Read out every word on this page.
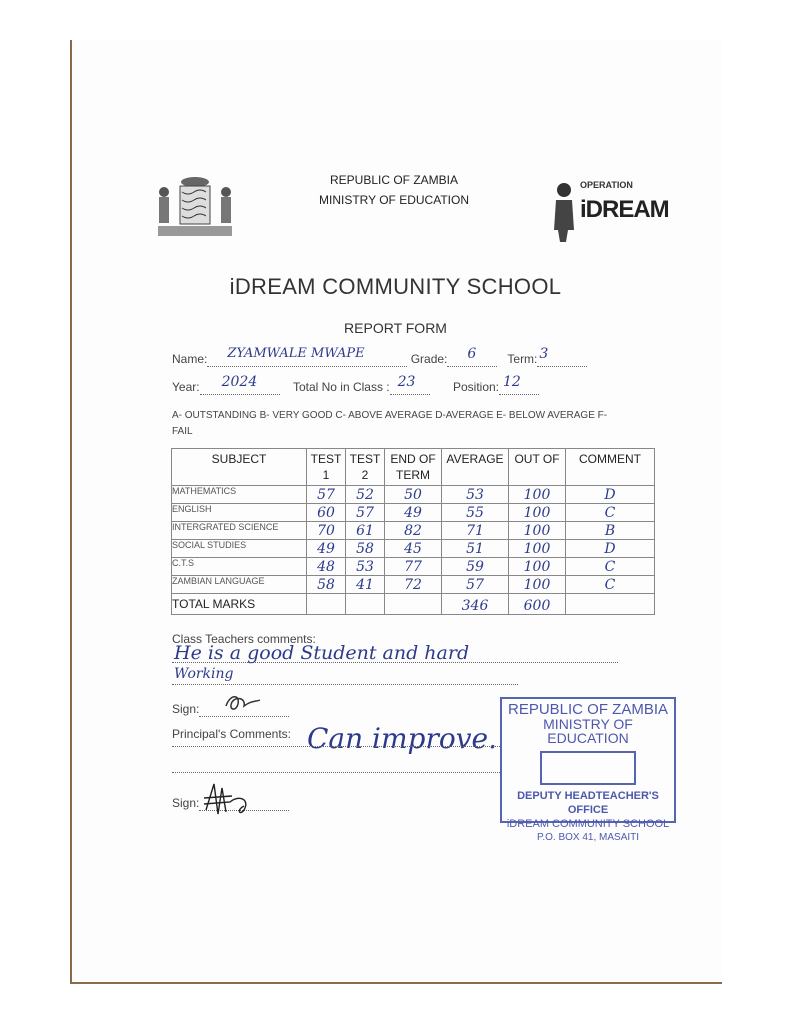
REPUBLIC OF ZAMBIA
MINISTRY OF EDUCATION
OPERATION
iDREAM
iDREAM COMMUNITY SCHOOL
REPORT FORM
Name: ZYAMWALE MWAPE	Grade: 6	Term: 3

Year: 2024	Total No in Class : 23	Position: 12

A- OUTSTANDING B- VERY GOOD C- ABOVE AVERAGE D-AVERAGE E- BELOW AVERAGE F-FAIL
SUBJECT	TEST 1	TEST 2	END OF TERM	AVERAGE	OUT OF	COMMENT
MATHEMATICS	57	52	50	53	100	D
ENGLISH	60	57	49	55	100	C
INTERGRATED SCIENCE	70	61	82	71	100	B
SOCIAL STUDIES	49	58	45	51	100	D
C.T.S	48	53	77	59	100	C
ZAMBIAN LANGUAGE	58	41	72	57	100	C
TOTAL MARKS				346	600	
Class Teachers comments:
He is a good Student and hard
Working
Sign:
Principal's Comments: Can improve.
Sign:
REPUBLIC OF ZAMBIA
MINISTRY OF EDUCATION
DEPUTY HEADTEACHER'S OFFICE
iDREAM COMMUNITY SCHOOL
P.O. BOX 41, MASAITI
